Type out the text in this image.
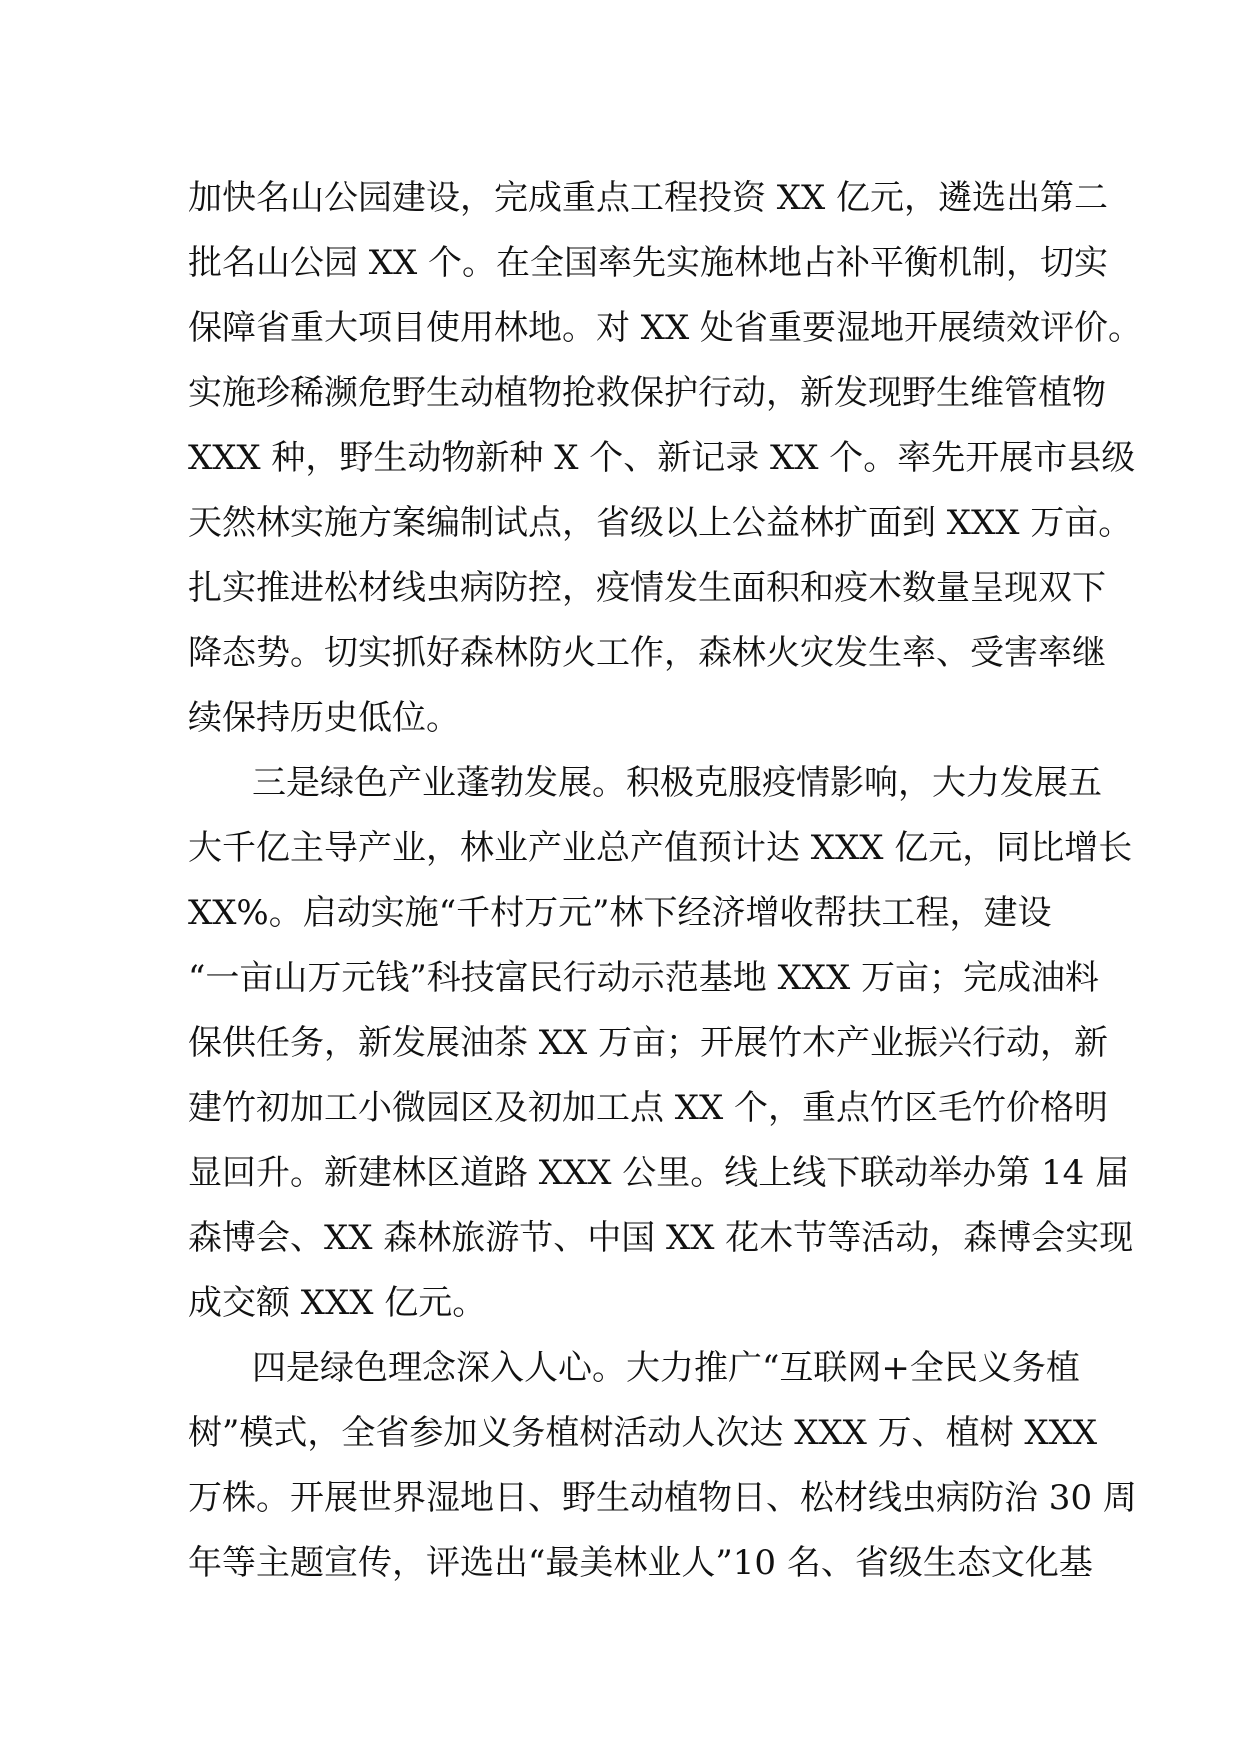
加快名山公园建设，完成重点工程投资 XX 亿元，遴选出第二
批名山公园 XX 个。在全国率先实施林地占补平衡机制，切实
保障省重大项目使用林地。对 XX 处省重要湿地开展绩效评价。
实施珍稀濒危野生动植物抢救保护行动，新发现野生维管植物
XXX 种，野生动物新种 X 个、新记录 XX 个。率先开展市县级
天然林实施方案编制试点，省级以上公益林扩面到 XXX 万亩。
扎实推进松材线虫病防控，疫情发生面积和疫木数量呈现双下
降态势。切实抓好森林防火工作，森林火灾发生率、受害率继
续保持历史低位。
三是绿色产业蓬勃发展。积极克服疫情影响，大力发展五
大千亿主导产业，林业产业总产值预计达 XXX 亿元，同比增长
XX%。启动实施“千村万元”林下经济增收帮扶工程，建设
“一亩山万元钱”科技富民行动示范基地 XXX 万亩；完成油料
保供任务，新发展油茶 XX 万亩；开展竹木产业振兴行动，新
建竹初加工小微园区及初加工点 XX 个，重点竹区毛竹价格明
显回升。新建林区道路 XXX 公里。线上线下联动举办第 14 届
森博会、XX 森林旅游节、中国 XX 花木节等活动，森博会实现
成交额 XXX 亿元。
四是绿色理念深入人心。大力推广“互联网+全民义务植
树”模式，全省参加义务植树活动人次达 XXX 万、植树 XXX
万株。开展世界湿地日、野生动植物日、松材线虫病防治 30 周
年等主题宣传，评选出“最美林业人”10 名、省级生态文化基
